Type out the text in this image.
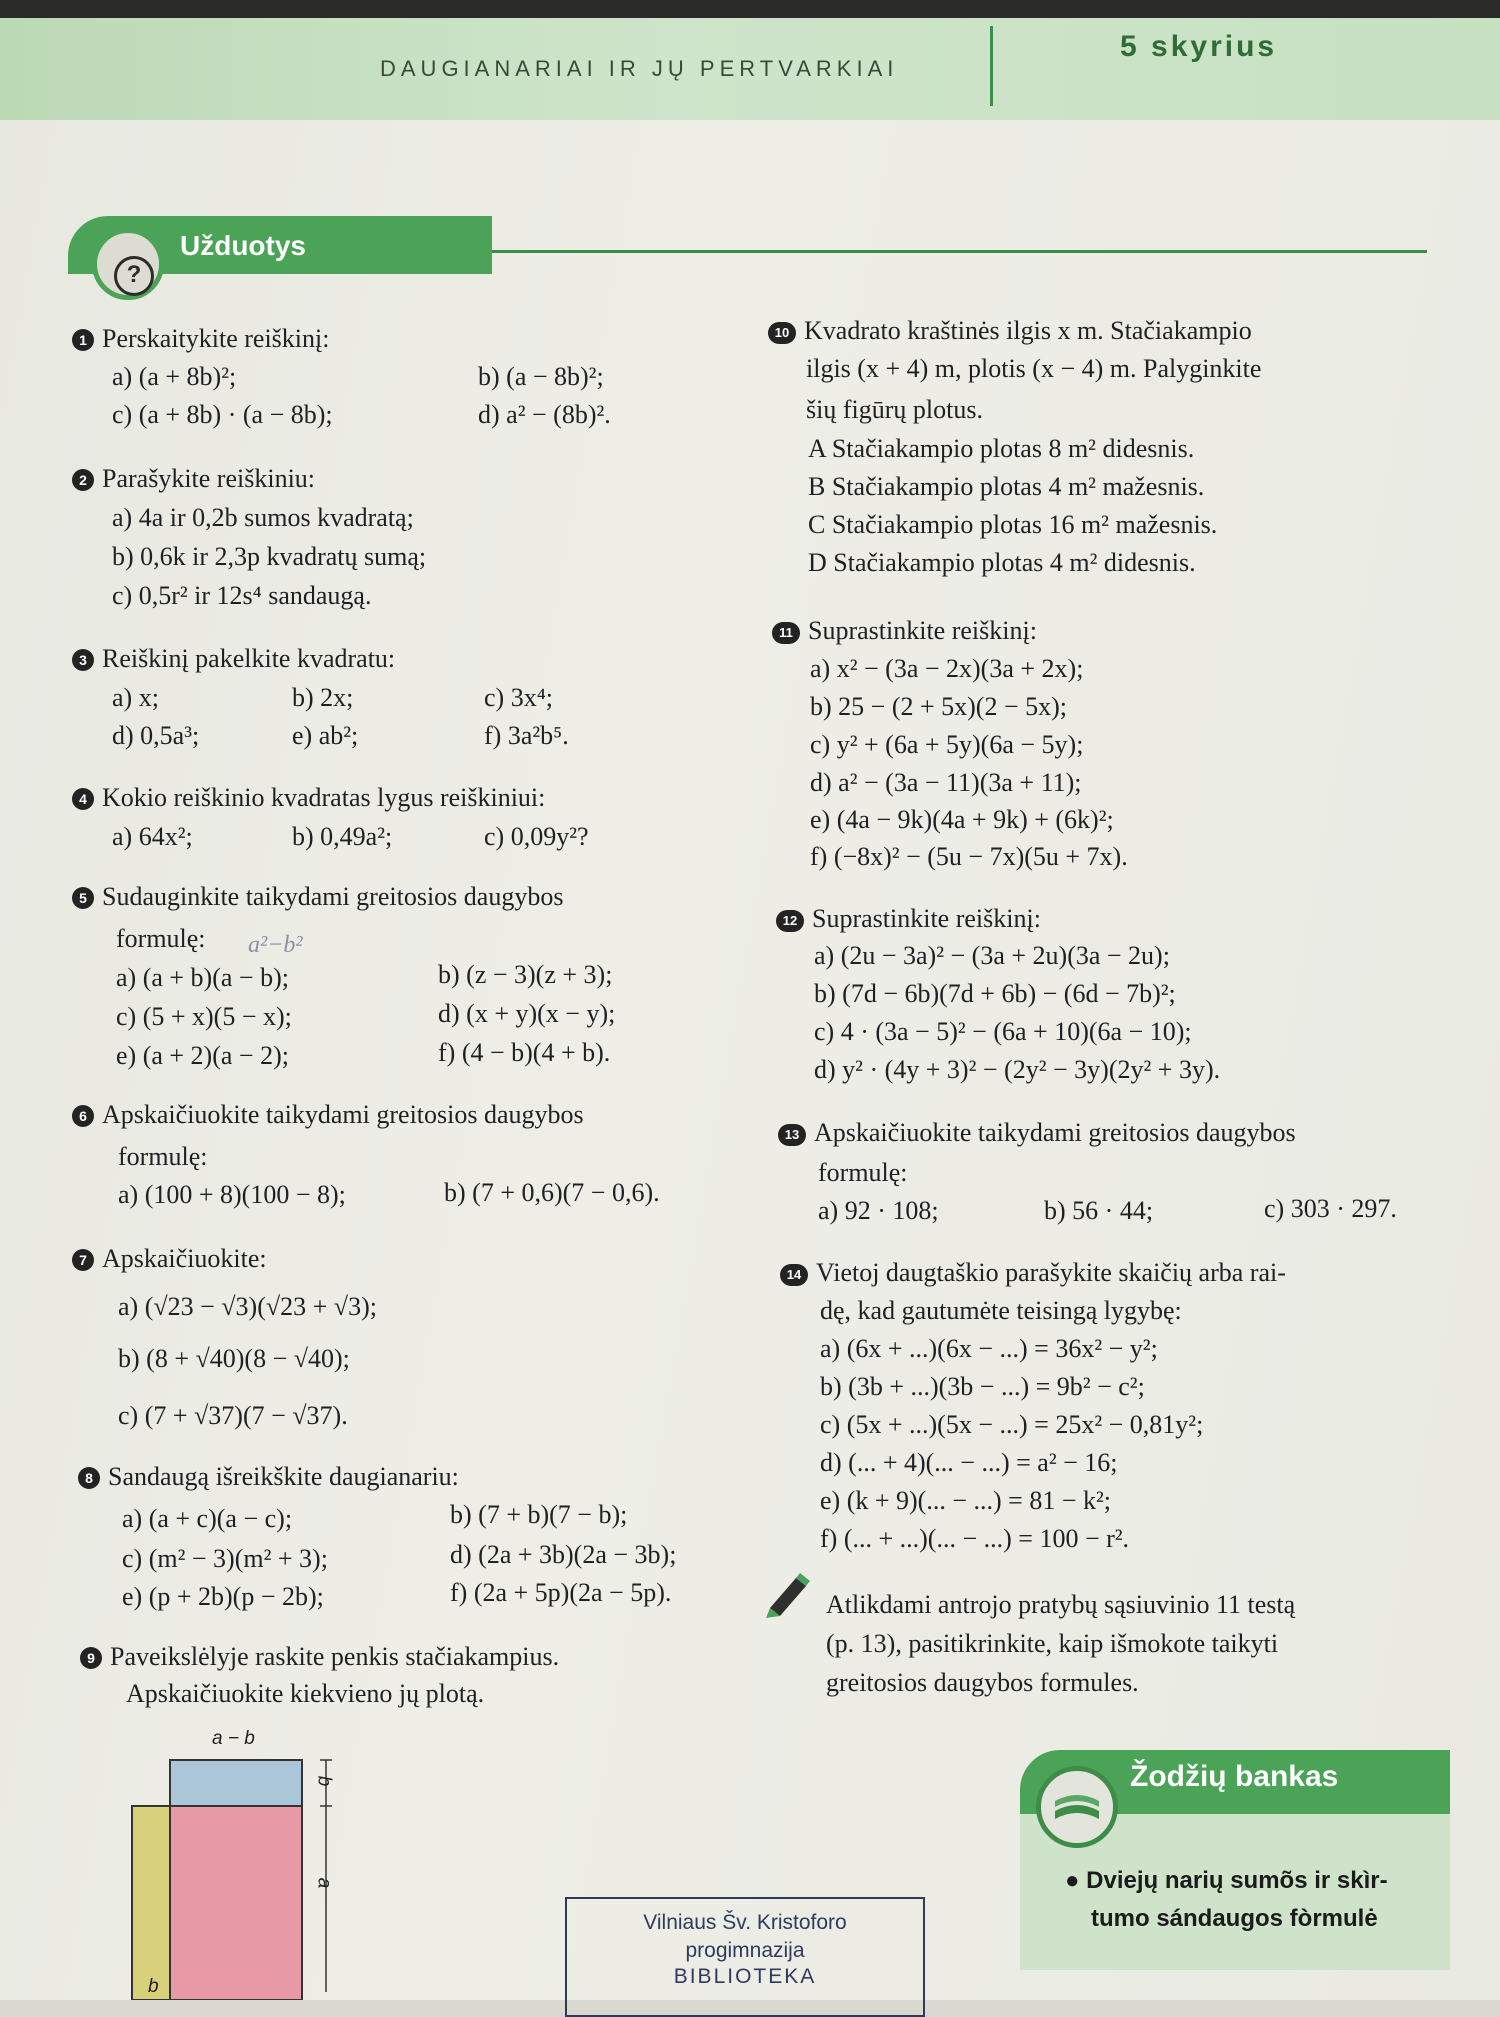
DAUGIANARIAI IR JŲ PERTVARKIAI
5 skyrius
?
Užduotys
1 Perskaitykite reiškinį:
a) (a + 8b)²;	b) (a − 8b)²;
c) (a + 8b) · (a − 8b);	d) a² − (8b)².
2 Parašykite reiškiniu:
a) 4a ir 0,2b sumos kvadratą;
b) 0,6k ir 2,3p kvadratų sumą;
c) 0,5r² ir 12s⁴ sandaugą.
3 Reiškinį pakelkite kvadratu:
a) x;	b) 2x;	c) 3x⁴;
d) 0,5a³;	e) ab²;	f) 3a²b⁵.
4 Kokio reiškinio kvadratas lygus reiškiniui:
a) 64x²;	b) 0,49a²;	c) 0,09y²?
5 Sudauginkite taikydami greitosios daugybos
formulę: a²−b²
a) (a + b)(a − b);	b) (z − 3)(z + 3);
c) (5 + x)(5 − x);	d) (x + y)(x − y);
e) (a + 2)(a − 2);	f) (4 − b)(4 + b).
6 Apskaičiuokite taikydami greitosios daugybos
formulę:
a) (100 + 8)(100 − 8);	b) (7 + 0,6)(7 − 0,6).
7 Apskaičiuokite:
a) (√23 − √3)(√23 + √3);
b) (8 + √40)(8 − √40);
c) (7 + √37)(7 − √37).
8 Sandaugą išreikškite daugianariu:
a) (a + c)(a − c);	b) (7 + b)(7 − b);
c) (m² − 3)(m² + 3);	d) (2a + 3b)(2a − 3b);
e) (p + 2b)(p − 2b);	f) (2a + 5p)(2a − 5p).
9 Paveikslėlyje raskite penkis stačiakampius.
Apskaičiuokite kiekvieno jų plotą.
a − b
b
a
b
10 Kvadrato kraštinės ilgis x m. Stačiakampio
ilgis (x + 4) m, plotis (x − 4) m. Palyginkite
šių figūrų plotus.
A Stačiakampio plotas 8 m² didesnis.
B Stačiakampio plotas 4 m² mažesnis.
C Stačiakampio plotas 16 m² mažesnis.
D Stačiakampio plotas 4 m² didesnis.
11 Suprastinkite reiškinį:
a) x² − (3a − 2x)(3a + 2x);
b) 25 − (2 + 5x)(2 − 5x);
c) y² + (6a + 5y)(6a − 5y);
d) a² − (3a − 11)(3a + 11);
e) (4a − 9k)(4a + 9k) + (6k)²;
f) (−8x)² − (5u − 7x)(5u + 7x).
12 Suprastinkite reiškinį:
a) (2u − 3a)² − (3a + 2u)(3a − 2u);
b) (7d − 6b)(7d + 6b) − (6d − 7b)²;
c) 4 · (3a − 5)² − (6a + 10)(6a − 10);
d) y² · (4y + 3)² − (2y² − 3y)(2y² + 3y).
13 Apskaičiuokite taikydami greitosios daugybos
formulę:
a) 92 · 108;	b) 56 · 44;	c) 303 · 297.
14 Vietoj daugtaškio parašykite skaičių arba rai-
dę, kad gautumėte teisingą lygybę:
a) (6x + ...)(6x − ...) = 36x² − y²;
b) (3b + ...)(3b − ...) = 9b² − c²;
c) (5x + ...)(5x − ...) = 25x² − 0,81y²;
d) (... + 4)(... − ...) = a² − 16;
e) (k + 9)(... − ...) = 81 − k²;
f) (... + ...)(... − ...) = 100 − r².
Atlikdami antrojo pratybų sąsiuvinio 11 testą
(p. 13), pasitikrinkite, kaip išmokote taikyti
greitosios daugybos formules.
Vilniaus Šv. Kristoforo
progimnazija
BIBLIOTEKA
Žodžių bankas
● Dviejų narių sumõs ir skìr-
tumo sándaugos fòrmulė
